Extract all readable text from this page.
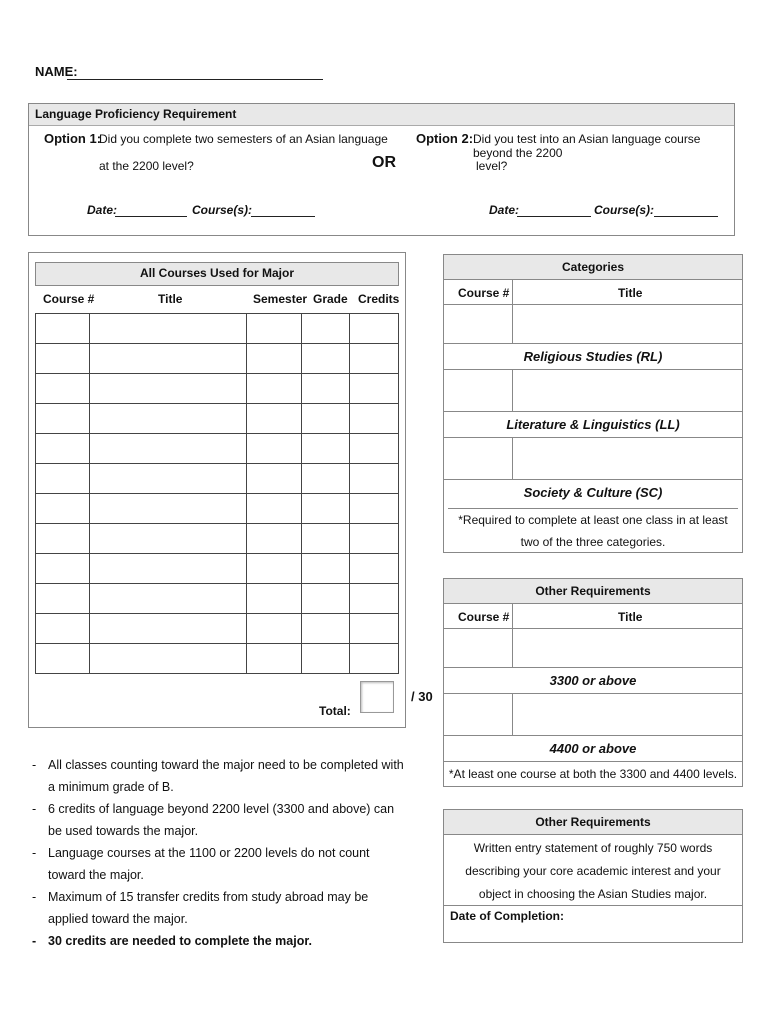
NAME:
Language Proficiency Requirement
Option 1:
Did you complete two semesters of an Asian language
at the 2200 level?	OR
Option 2: Did you test into an Asian language course beyond the 2200
level?
Date:	Course(s):	Date:	Course(s):
All Courses Used for Major
Course #	Title	Semester Grade Credits

Total:
/ 30
- All classes counting toward the major need to be completed with a minimum grade of B.
- 6 credits of language beyond 2200 level (3300 and above) can be used towards the major.
- Language courses at the 1100 or 2200 levels do not count toward the major.
- Maximum of 15 transfer credits from study abroad may be applied toward the major.
- 30 credits are needed to complete the major.
Categories
Course #	Title
Religious Studies (RL)
Literature & Linguistics (LL)
Society & Culture (SC)
*Required to complete at least one class in at least two of the three categories.
Other Requirements
Course #	Title
3300 or above
4400 or above
*At least one course at both the 3300 and 4400 levels.
Other Requirements
Written entry statement of roughly 750 words describing your core academic interest and your object in choosing the Asian Studies major.
Date of Completion:
